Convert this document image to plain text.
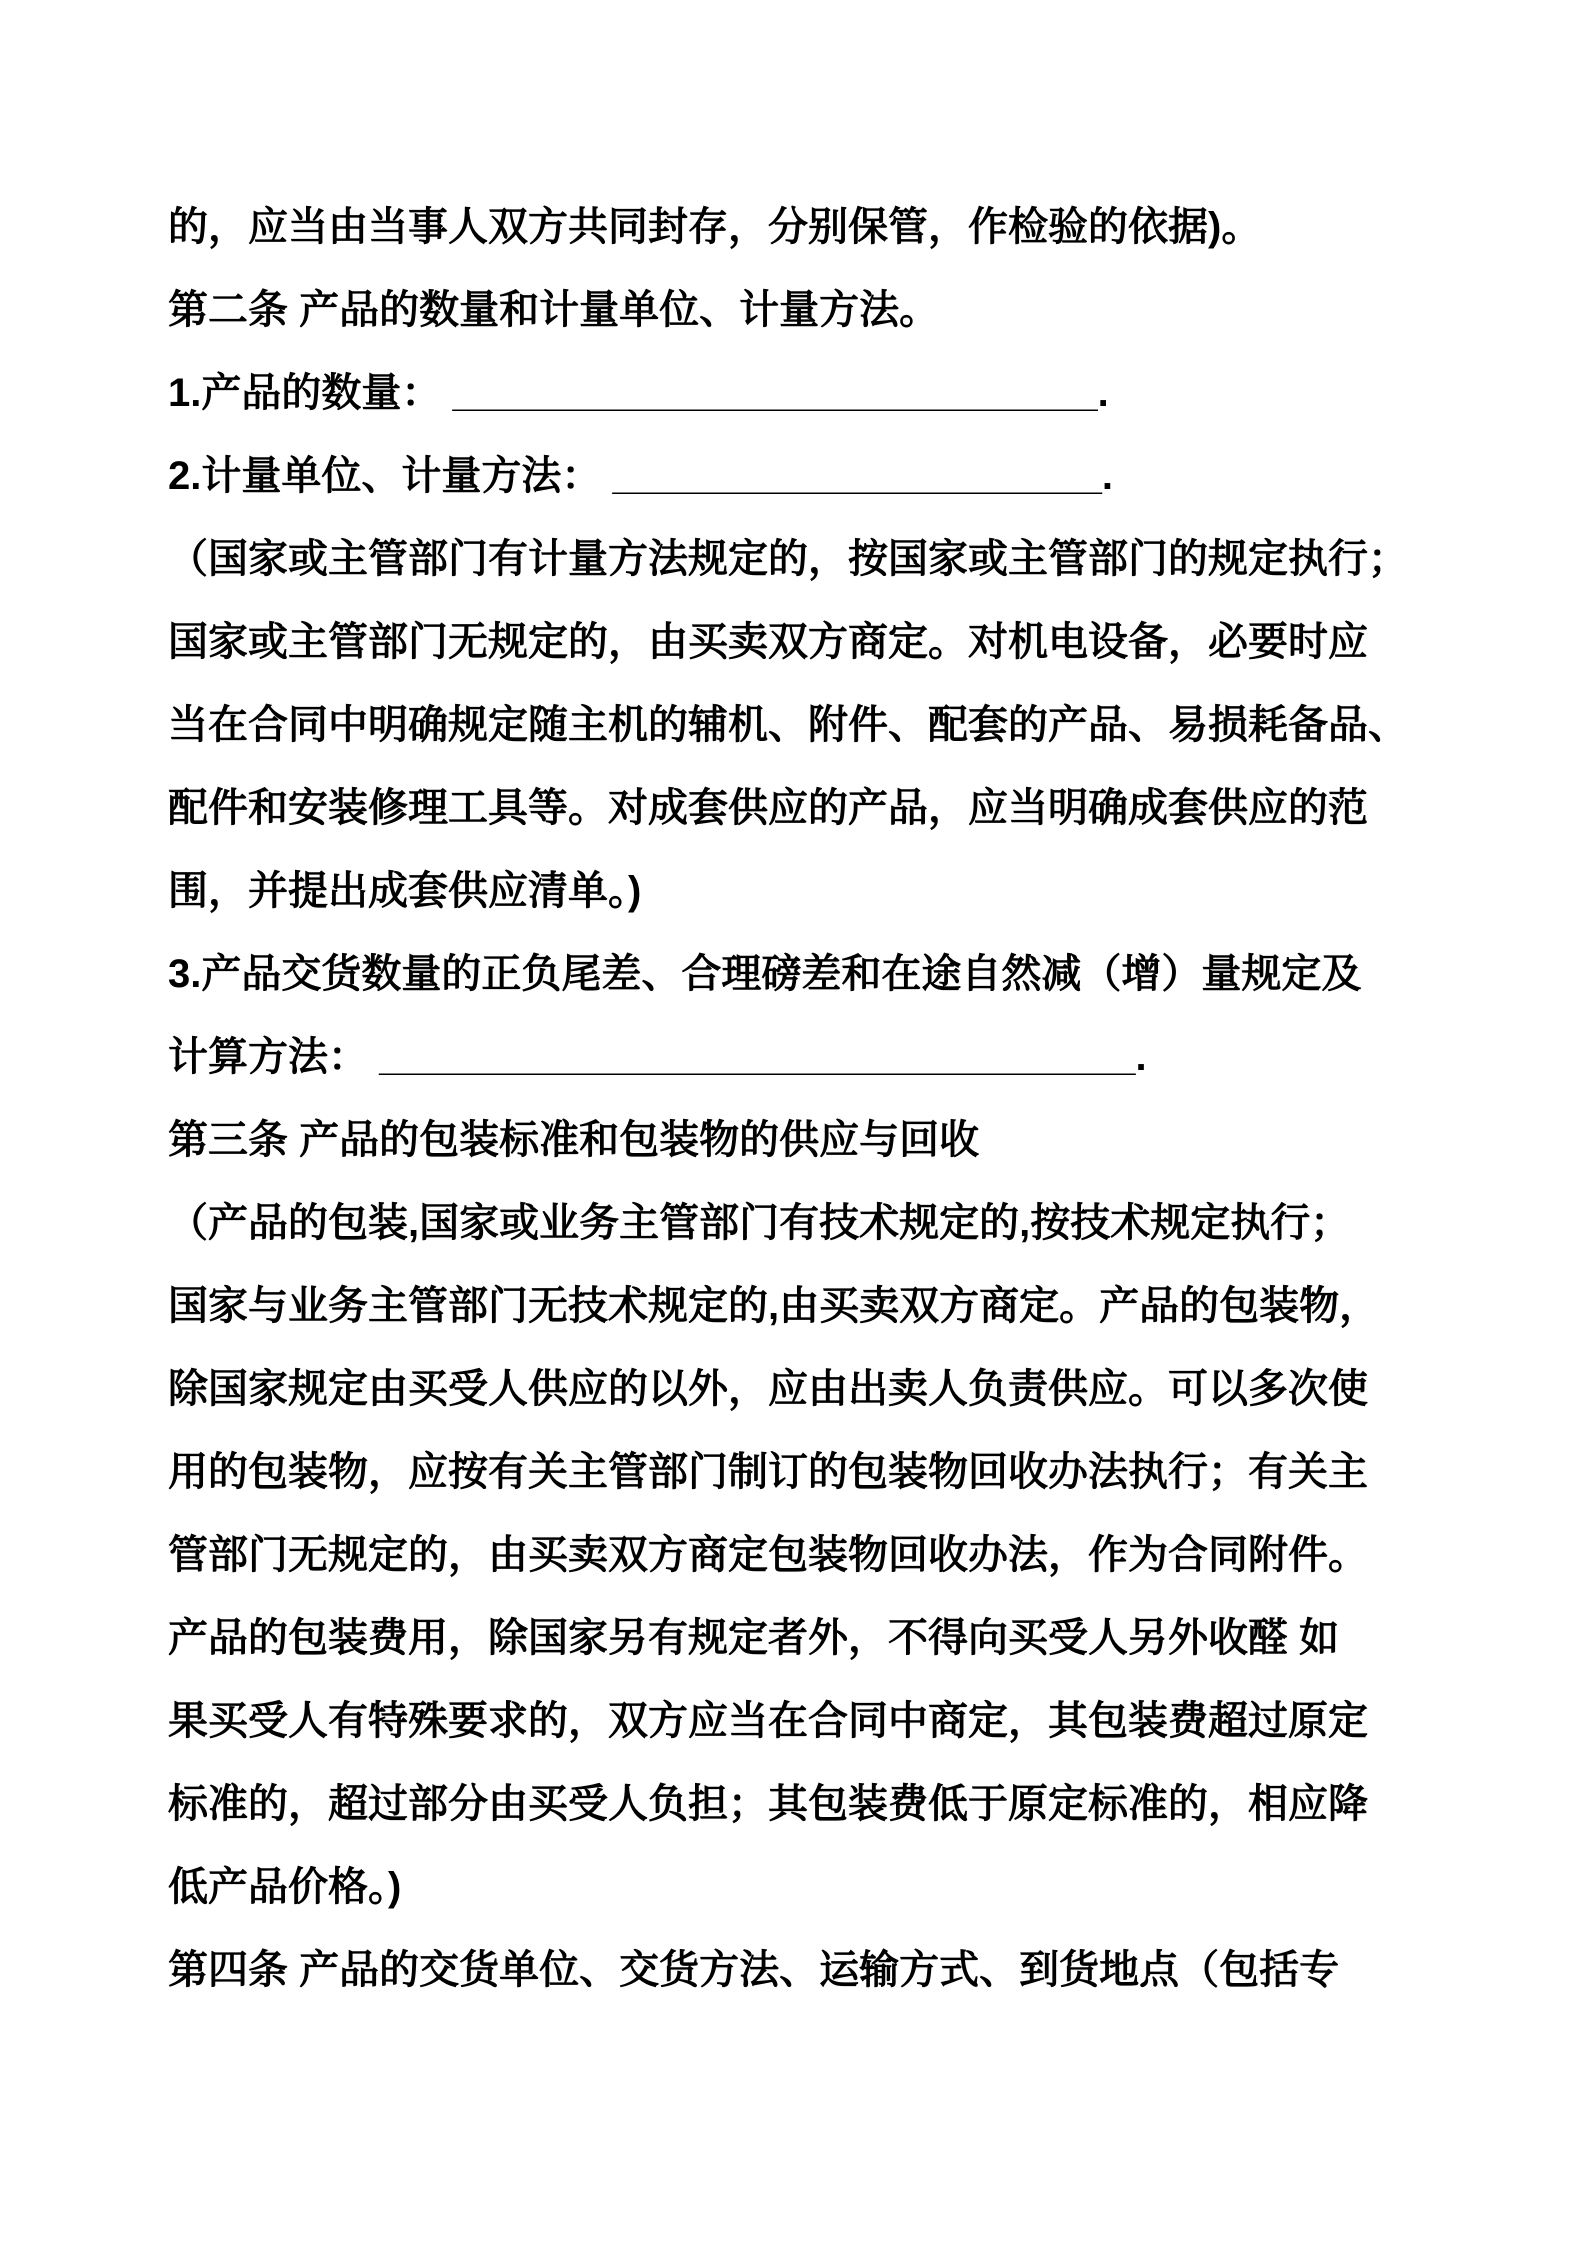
的，应当由当事人双方共同封存，分别保管，作检验的依据)。
第二条 产品的数量和计量单位、计量方法。
1.产品的数量： _____________________________.
2.计量单位、计量方法： ______________________.
（国家或主管部门有计量方法规定的，按国家或主管部门的规定执行；
国家或主管部门无规定的，由买卖双方商定。对机电设备，必要时应
当在合同中明确规定随主机的辅机、附件、配套的产品、易损耗备品、
配件和安装修理工具等。对成套供应的产品，应当明确成套供应的范
围，并提出成套供应清单。)
3.产品交货数量的正负尾差、合理磅差和在途自然减（增）量规定及
计算方法： __________________________________.
第三条 产品的包装标准和包装物的供应与回收
（产品的包装,国家或业务主管部门有技术规定的,按技术规定执行；
国家与业务主管部门无技术规定的,由买卖双方商定。产品的包装物，
除国家规定由买受人供应的以外，应由出卖人负责供应。可以多次使
用的包装物，应按有关主管部门制订的包装物回收办法执行；有关主
管部门无规定的，由买卖双方商定包装物回收办法，作为合同附件。
产品的包装费用，除国家另有规定者外，不得向买受人另外收醛 如
果买受人有特殊要求的，双方应当在合同中商定，其包装费超过原定
标准的，超过部分由买受人负担；其包装费低于原定标准的，相应降
低产品价格。)
第四条 产品的交货单位、交货方法、运输方式、到货地点（包括专
